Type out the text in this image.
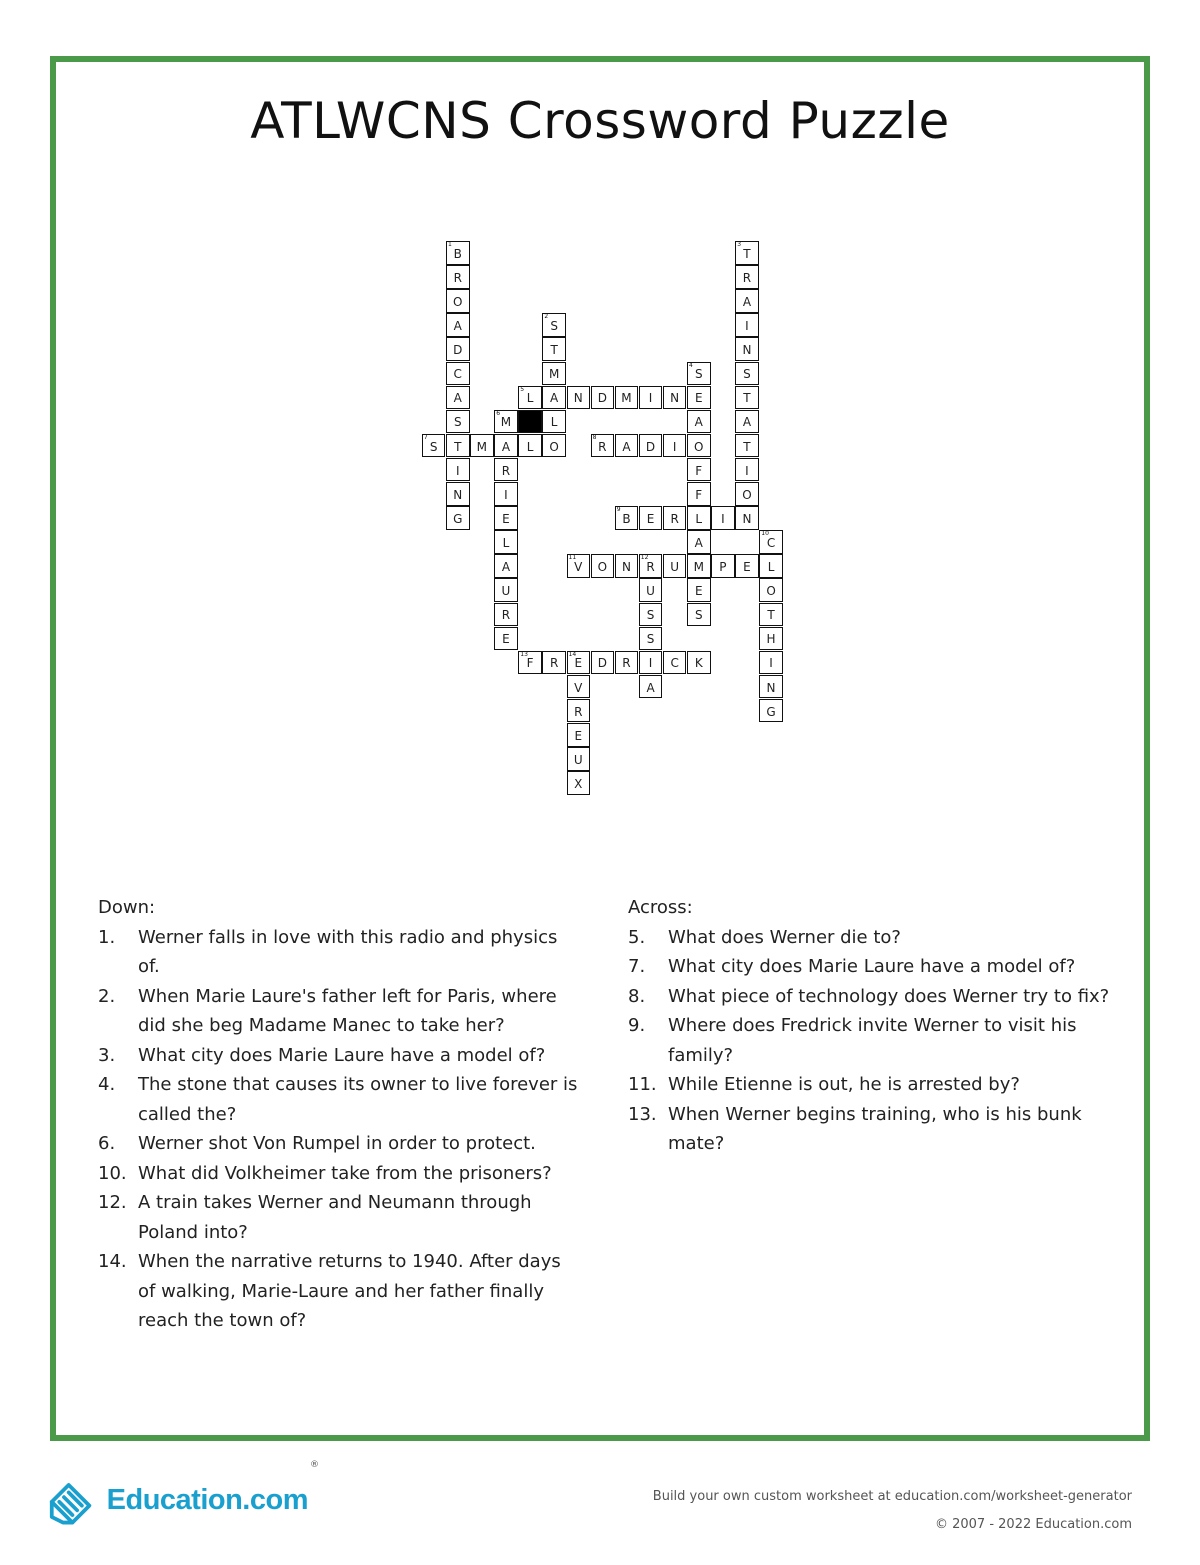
ATLWCNS Crossword Puzzle
B
1
R
O
A
D
C
A
S
T
I
N
G
S
2
T
M
A
L
O
T
3
R
A
I
N
S
T
A
T
I
O
N
S
4
E
A
O
F
F
L
A
M
E
S
L
5
N D M I N
M
6
A
R
I
E
L
A
U
R
E
S
7
M	L	R
8
A D I
B
9
E R	I
C
10
L
O
T
H
I
N
G
V
11
O N R
12
U	P E
U
S
S
I
A
F
13
R E
14
D R	C K
V
R
E
U
X

Down:

1. Werner falls in love with this radio and physics of.

2. When Marie Laure's father left for Paris, where did she beg Madame Manec to take her?

3. What city does Marie Laure have a model of?

4. The stone that causes its owner to live forever is called the?

6. Werner shot Von Rumpel in order to protect.

10. What did Volkheimer take from the prisoners?

12. A train takes Werner and Neumann through Poland into?

14. When the narrative returns to 1940. After days of walking, Marie-Laure and her father finally reach the town of?

Across:

5. What does Werner die to?

7. What city does Marie Laure have a model of?

8. What piece of technology does Werner try to fix?

9. Where does Fredrick invite Werner to visit his family?

11. While Etienne is out, he is arrested by?

13. When Werner begins training, who is his bunk mate?

Education.com
®
Build your own custom worksheet at education.com/worksheet-generator
© 2007 - 2022 Education.com
